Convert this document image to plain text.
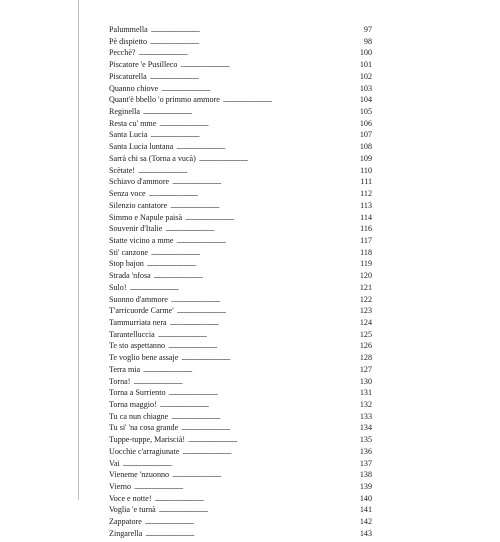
Palummella . . .	97
Pè dispietto . . .	98
Pecchè? . . .	100
Piscatore 'e Pusilleco . . .	101
Piscaturella . . .	102
Quanno chiove . . .	103
Quant'è bbello 'o primmo ammore . . .	104
Reginella . . .	105
Resta cu' mme . . .	106
Santa Lucia . . .	107
Santa Lucia luntana . . .	108
Sarrà chi sa (Torna a vucà) . . .	109
Scètate! . . .	110
Schiavo d'ammore . . .	111
Senza voce . . .	112
Silenzio cantatore . . .	113
Simmo e Napule paisà . . .	114
Souvenir d'Italie . . .	116
Statte vicino a mme . . .	117
Sti' canzone . . .	118
Stop bajon . . .	119
Strada 'nfosa . . .	120
Sulo! . . .	121
Suonno d'ammore . . .	122
T'arricuorde Carme' . . .	123
Tammurriata nera . . .	124
Tarantelluccia . . .	125
Te sto aspettanno . . .	126
Te voglio bene assaje . . .	128
Terra mia . . .	127
Torna! . . .	130
Torna a Surriento . . .	131
Torna maggio! . . .	132
Tu ca nun chiagne . . .	133
Tu si' 'na cosa grande . . .	134
Tuppe-tuppe, Mariscià! . . .	135
Uocchie c'arragiunate . . .	136
Vai . . .	137
Vieneme 'nzuonno . . .	138
Vierno . . .	139
Voce e notte! . . .	140
Voglia 'e turnà . . .	141
Zappatore . . .	142
Zingarella . . .	143
